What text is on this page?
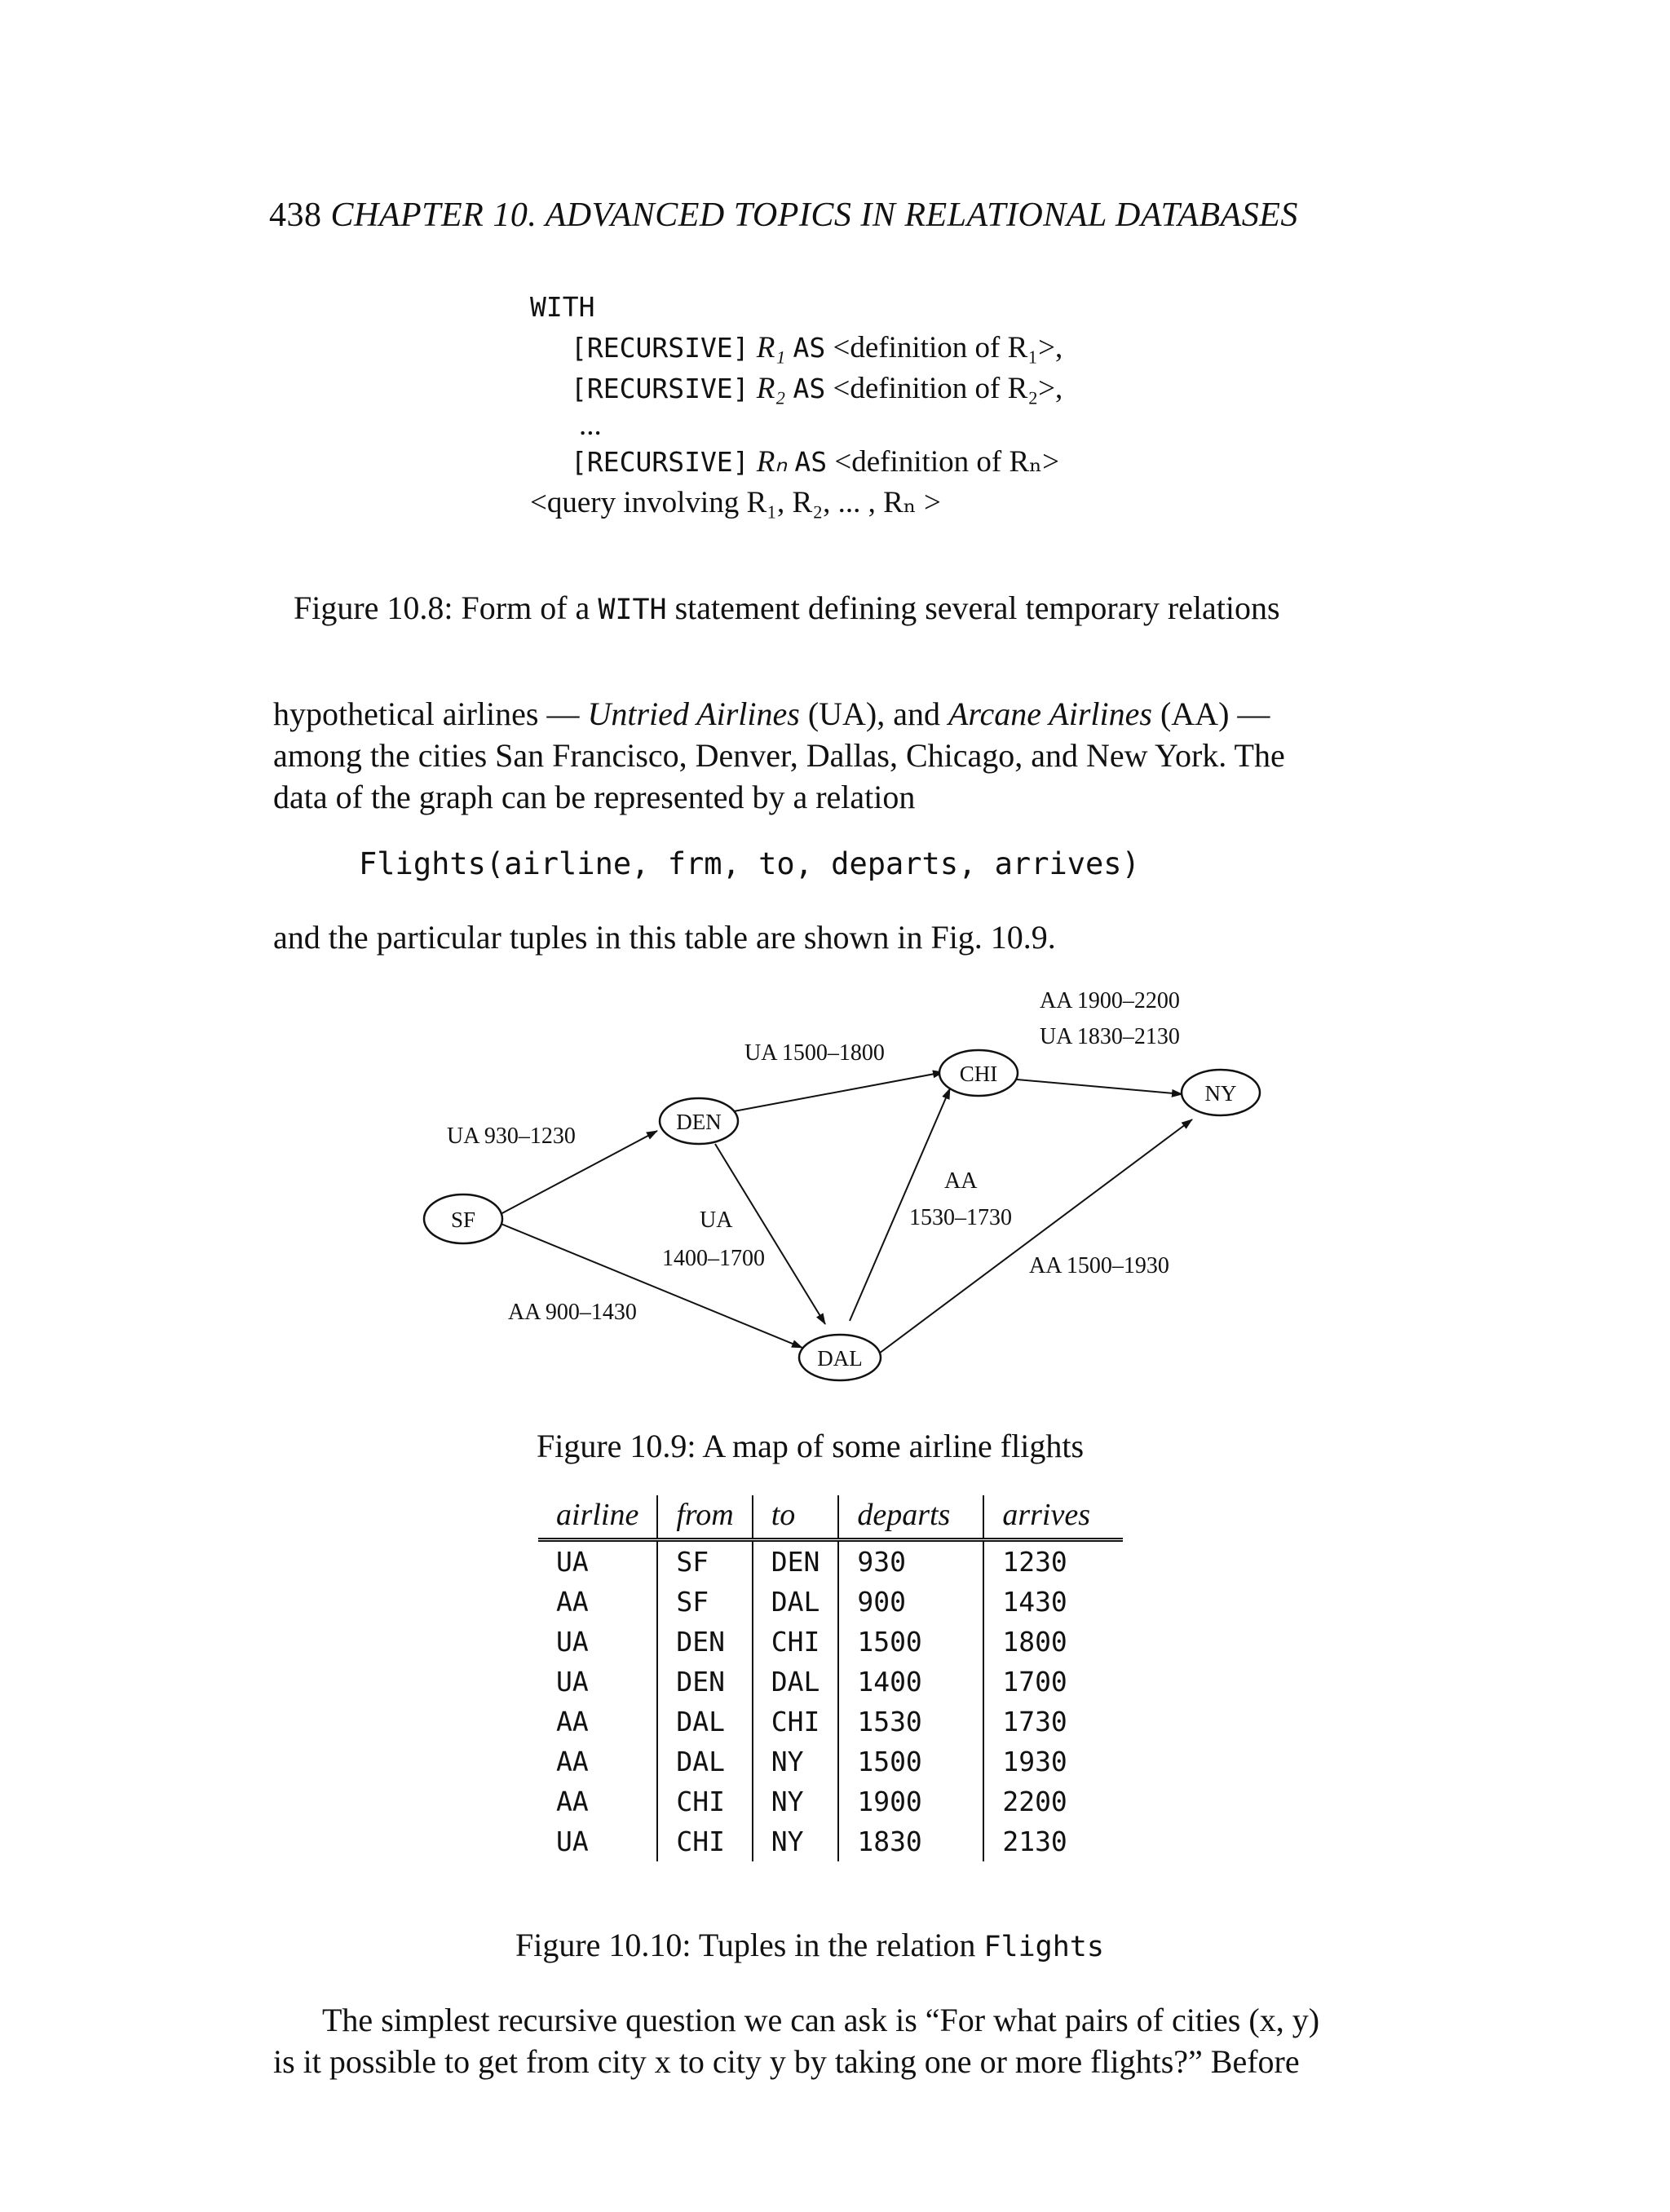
438 CHAPTER 10. ADVANCED TOPICS IN RELATIONAL DATABASES
WITH
[RECURSIVE] R₁ AS <definition of R₁>,
[RECURSIVE] R₂ AS <definition of R₂>,
...
[RECURSIVE] Rₙ AS <definition of Rₙ>
<query involving R₁, R₂, ... , Rₙ >
Figure 10.8: Form of a WITH statement defining several temporary relations
hypothetical airlines — Untried Airlines (UA), and Arcane Airlines (AA) —
among the cities San Francisco, Denver, Dallas, Chicago, and New York. The
data of the graph can be represented by a relation
Flights(airline, frm, to, departs, arrives)
and the particular tuples in this table are shown in Fig. 10.9.
SF
DEN
CHI
NY
DAL
UA 930–1230
UA 1500–1800
AA 1900–2200
UA 1830–2130
UA
1400–1700
AA
1530–1730
AA 1500–1930
AA 900–1430
Figure 10.9: A map of some airline flights
airline	from	to	departs	arrives
UA	SF	DEN	930	1230
AA	SF	DAL	900	1430
UA	DEN	CHI	1500	1800
UA	DEN	DAL	1400	1700
AA	DAL	CHI	1530	1730
AA	DAL	NY	1500	1930
AA	CHI	NY	1900	2200
UA	CHI	NY	1830	2130
Figure 10.10: Tuples in the relation Flights
The simplest recursive question we can ask is “For what pairs of cities (x, y)
is it possible to get from city x to city y by taking one or more flights?” Before
